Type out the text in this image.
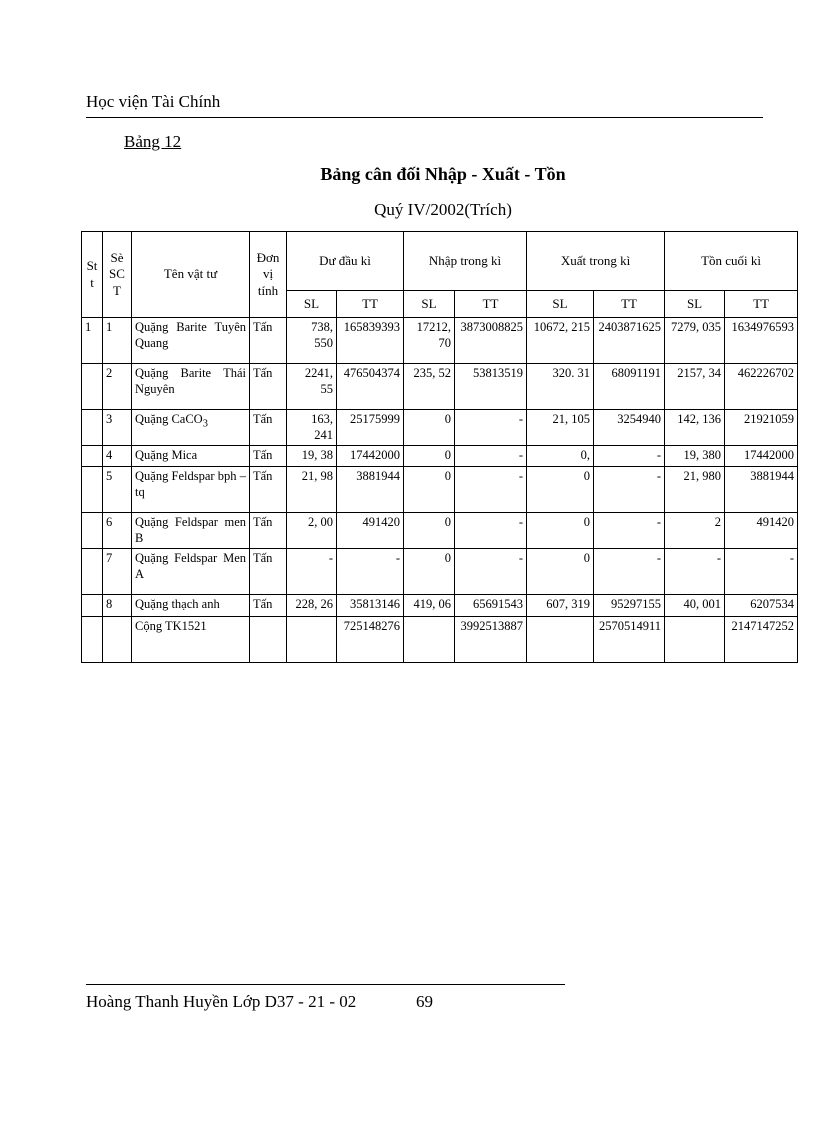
Học viện Tài Chính
Bảng 12
Bảng cân đối Nhập - Xuất - Tồn
Quý IV/2002(Trích)
St t	Sè SC T	Tên vật tư	Đơn vị tính	Dư đầu kì		Nhập trong kì		Xuất trong kì		Tồn cuối kì	
				SL	TT	SL	TT	SL	TT	SL	TT
1	1	Quặng Barite Tuyên Quang	Tấn	738, 550	165839393	17212, 70	3873008825	10672, 215	2403871625	7279, 035	1634976593
	2	Quặng Barite Thái Nguyên	Tấn	2241, 55	476504374	235, 52	53813519	320. 31	68091191	2157, 34	462226702
	3	Quặng CaCO$_3$	Tấn	163, 241	25175999	0	-	21, 105	3254940	142, 136	21921059
	4	Quặng Mica	Tấn	19, 38	17442000	0	-	0,	-	19, 380	17442000
	5	Quặng Feldspar bph –tq	Tấn	21, 98	3881944	0	-	0	-	21, 980	3881944
	6	Quặng Feldspar men B	Tấn	2, 00	491420	0	-	0	-	2	491420
	7	Quặng Feldspar Men A	Tấn	-	-	0	-	0	-	-	-
	8	Quặng thạch anh	Tấn	228, 26	35813146	419, 06	65691543	607, 319	95297155	40, 001	6207534
		Cộng TK1521			725148276		3992513887		2570514911		2147147252
Hoàng Thanh Huyền Lớp D37 - 21 - 02	69
